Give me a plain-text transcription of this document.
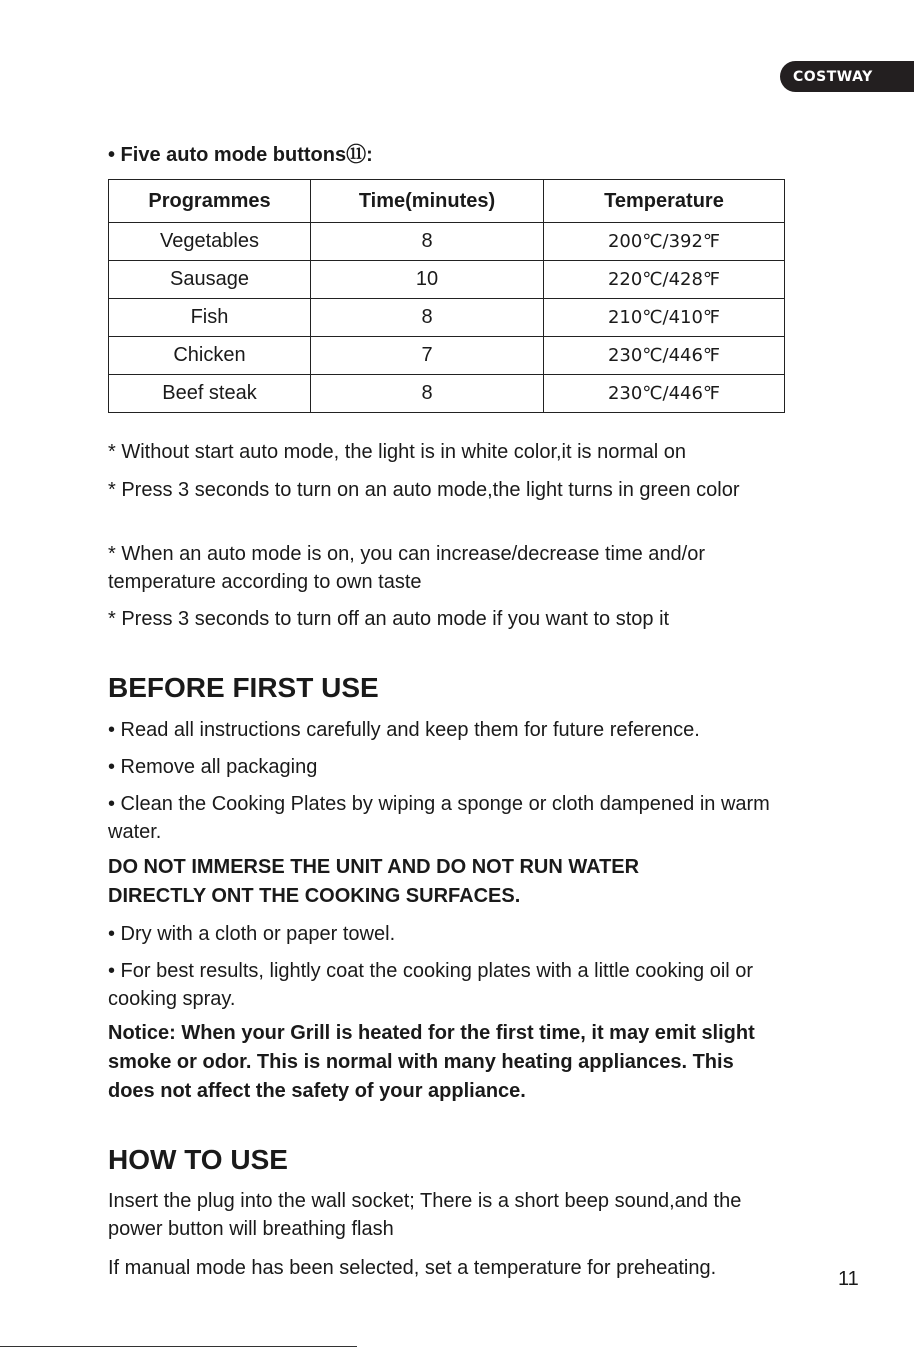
COSTWAY

• Five auto mode buttons⑪:

Programmes	Time(minutes)	Temperature
Vegetables	8	200℃/392℉
Sausage	10	220℃/428℉
Fish	8	210℃/410℉
Chicken	7	230℃/446℉
Beef steak	8	230℃/446℉

* Without start auto mode, the light is in white color,it is normal on

* Press 3 seconds to turn on an auto mode,the light turns in green color

* When an auto mode is on, you can increase/decrease time and/or temperature according to own taste

* Press 3 seconds to turn off an auto mode if you want to stop it

BEFORE FIRST USE

• Read all instructions carefully and keep them for future reference.

• Remove all packaging

• Clean the Cooking Plates by wiping a sponge or cloth dampened in warm water.

DO NOT IMMERSE THE UNIT AND DO NOT RUN WATER DIRECTLY ONT THE COOKING SURFACES.

• Dry with a cloth or paper towel.

• For best results, lightly coat the cooking plates with a little cooking oil or cooking spray.

Notice: When your Grill is heated for the first time, it may emit slight smoke or odor. This is normal with many heating appliances. This does not affect the safety of your appliance.

HOW TO USE

Insert the plug into the wall socket; There is a short beep sound,and the power button will breathing flash

If manual mode has been selected, set a temperature for preheating.	11
